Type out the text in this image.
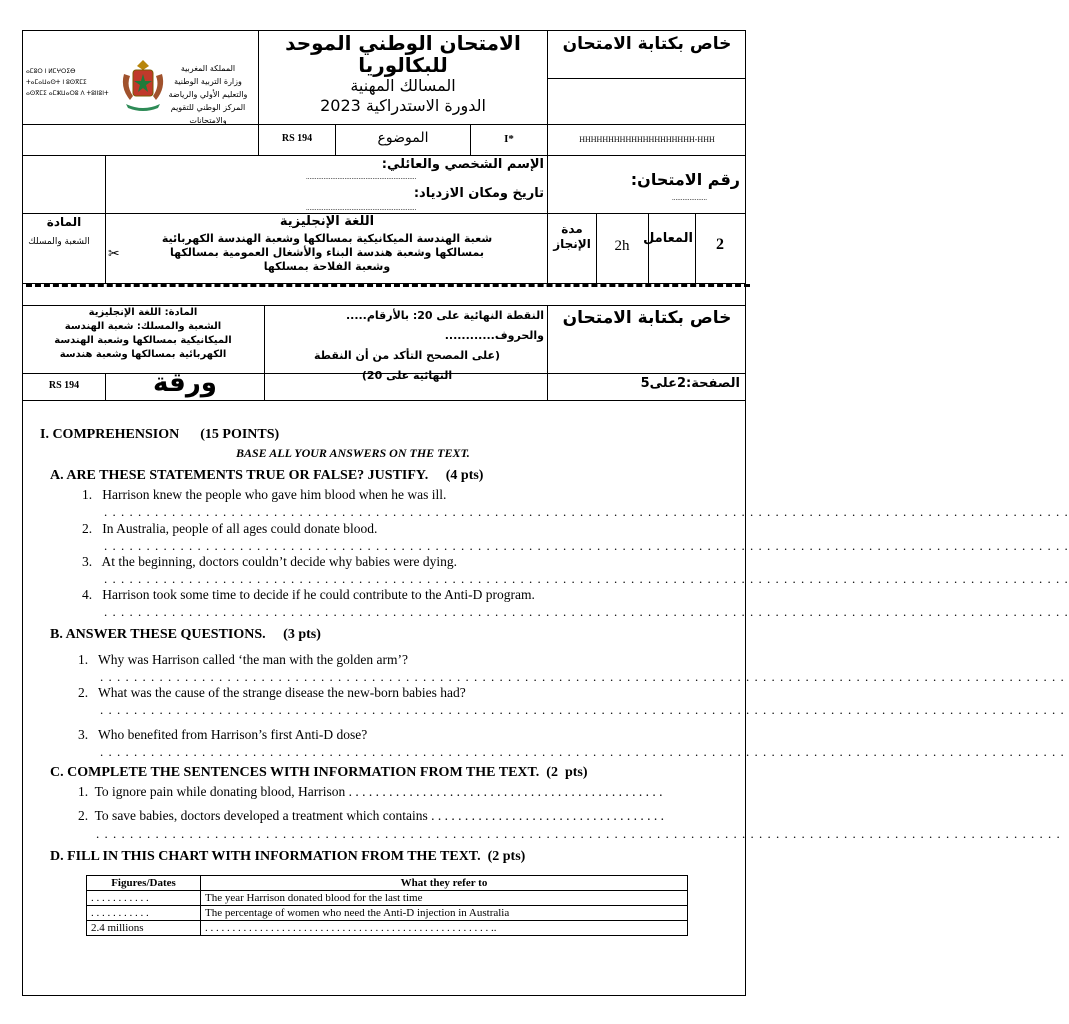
ⴰⵎⵓⵔ ⵏ ⵍⵎⵖⵔⵉⴱ
ⵜⴰⵎⴰⵡⴰⵙⵜ ⵏ ⵓⵙⴳⵎⵉ
ⴰⵙⴳⵎⵉ ⴰⵎⵣⵡⴰⵔⵓ ⴷ ⵜⵓⵏⵏⵓⵏⵜ
المملكة المغربية
وزارة التربية الوطنية
والتعليم الأولي والرياضة
المركز الوطني للتقويم والامتحانات
الامتحان الوطني الموحد
للبكالوريا
المسالك المهنية
الدورة الاستدراكية 2023
خاص بكتابة الامتحان
RS 194	الموضوع	I*	HHHHHHHHHHHHHHHHHHHH-HHH
الإسم الشخصي والعائلي:
...............................................................
تاريخ ومكان الازدياد:
...............................................................
رقم الامتحان:
....................
المادة
الشعبة والمسلك
✂
اللغة الإنجليزية
شعبة الهندسة الميكانيكية بمسالكها وشعبة الهندسة الكهربائية
بمسالكها وشعبة هندسة البناء والأشغال العمومية بمسالكها
وشعبة الفلاحة بمسلكها
مدة الإنجاز	2h	المعامل	2
المادة: اللغة الإنجليزية
الشعبة والمسلك: شعبة الهندسة
الميكانيكية بمسالكها وشعبة الهندسة
الكهربائية بمسالكها وشعبة هندسة
RS 194	ورقة
النقطة النهائية على 20: بالأرقام.....
والحروف............
(على المصحح التأكد من أن النقطة
النهائية على 20)
خاص بكتابة الامتحان
الصفحة:2على5
I. COMPREHENSION      (15 POINTS)
BASE ALL YOUR ANSWERS ON THE TEXT.
A. ARE THESE STATEMENTS TRUE OR FALSE? JUSTIFY.     (4 pts)
1.   Harrison knew the people who gave him blood when he was ill.
. . . . . . . . . . . . . . . . . . . . . . . . . . . . . . . . . . . . . . . . . . . . . . . . . . . . . . . . . . . . . . . . . . . . . . . . . . . . . . . . . . . . . . . . . . . . . . . . . . . . . . . . . . . . . . . . . .
2.   In Australia, people of all ages could donate blood.
. . . . . . . . . . . . . . . . . . . . . . . . . . . . . . . . . . . . . . . . . . . . . . . . . . . . . . . . . . . . . . . . . . . . . . . . . . . . . . . . . . . . . . . . . . . . . . . . . . . . . . . . . . . . . . . . . .
3.   At the beginning, doctors couldn’t decide why babies were dying.
. . . . . . . . . . . . . . . . . . . . . . . . . . . . . . . . . . . . . . . . . . . . . . . . . . . . . . . . . . . . . . . . . . . . . . . . . . . . . . . . . . . . . . . . . . . . . . . . . . . . . . . . . . . . . . . . . .
4.   Harrison took some time to decide if he could contribute to the Anti-D program.
. . . . . . . . . . . . . . . . . . . . . . . . . . . . . . . . . . . . . . . . . . . . . . . . . . . . . . . . . . . . . . . . . . . . . . . . . . . . . . . . . . . . . . . . . . . . . . . . . . . . . . . . . . . . . . . . . .
B. ANSWER THESE QUESTIONS.     (3 pts)
1.   Why was Harrison called ‘the man with the golden arm’?
. . . . . . . . . . . . . . . . . . . . . . . . . . . . . . . . . . . . . . . . . . . . . . . . . . . . . . . . . . . . . . . . . . . . . . . . . . . . . . . . . . . . . . . . . . . . . . . . . . . . . . . . . . . . . . . . . .
2.   What was the cause of the strange disease the new-born babies had?
. . . . . . . . . . . . . . . . . . . . . . . . . . . . . . . . . . . . . . . . . . . . . . . . . . . . . . . . . . . . . . . . . . . . . . . . . . . . . . . . . . . . . . . . . . . . . . . . . . . . . . . . . . . . . . . . . .
3.   Who benefited from Harrison’s first Anti-D dose?
. . . . . . . . . . . . . . . . . . . . . . . . . . . . . . . . . . . . . . . . . . . . . . . . . . . . . . . . . . . . . . . . . . . . . . . . . . . . . . . . . . . . . . . . . . . . . . . . . . . . . . . . . . . . . . . . . .
C. COMPLETE THE SENTENCES WITH INFORMATION FROM THE TEXT.  (2  pts)
1.  To ignore pain while donating blood, Harrison . . . . . . . . . . . . . . . . . . . . . . . . . . . . . . . . . . . . . . . . . . . . . . .
2.  To save babies, doctors developed a treatment which contains . . . . . . . . . . . . . . . . . . . . . . . . . . . . . . . . . . .
. . . . . . . . . . . . . . . . . . . . . . . . . . . . . . . . . . . . . . . . . . . . . . . . . . . . . . . . . . . . . . . . . . . . . . . . . . . . . . . . . . . . . . . . . . . . . . . . . . . . . . . . . . . . . . . . . .
D. FILL IN THIS CHART WITH INFORMATION FROM THE TEXT.  (2 pts)
Figures/Dates	What they refer to
. . . . . . . . . . .	The year Harrison donated blood for the last time
. . . . . . . . . . .	The percentage of women who need the Anti-D injection in Australia
2.4 millions	. . . . . . . . . . . . . . . . . . . . . . . . . . . . . . . . . . . . . . . . . . . . . . . . . . . . ..
